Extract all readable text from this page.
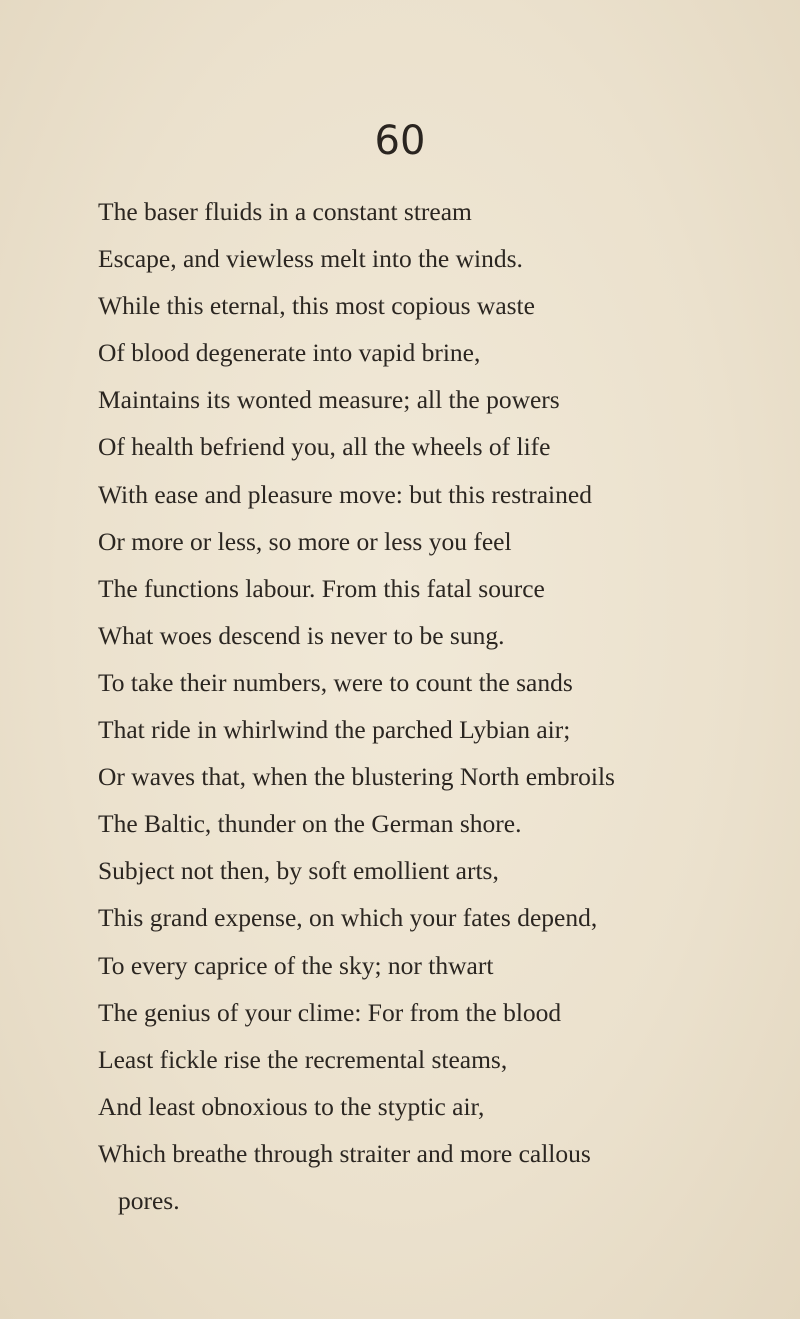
60
The baser fluids in a constant stream
Escape, and viewless melt into the winds.
While this eternal, this most copious waste
Of blood degenerate into vapid brine,
Maintains its wonted measure; all the powers
Of health befriend you, all the wheels of life
With ease and pleasure move: but this restrained
Or more or less, so more or less you feel
The functions labour. From this fatal source
What woes descend is never to be sung.
To take their numbers, were to count the sands
That ride in whirlwind the parched Lybian air;
Or waves that, when the blustering North embroils
The Baltic, thunder on the German shore.
Subject not then, by soft emollient arts,
This grand expense, on which your fates depend,
To every caprice of the sky; nor thwart
The genius of your clime: For from the blood
Least fickle rise the recremental steams,
And least obnoxious to the styptic air,
Which breathe through straiter and more callous
pores.
